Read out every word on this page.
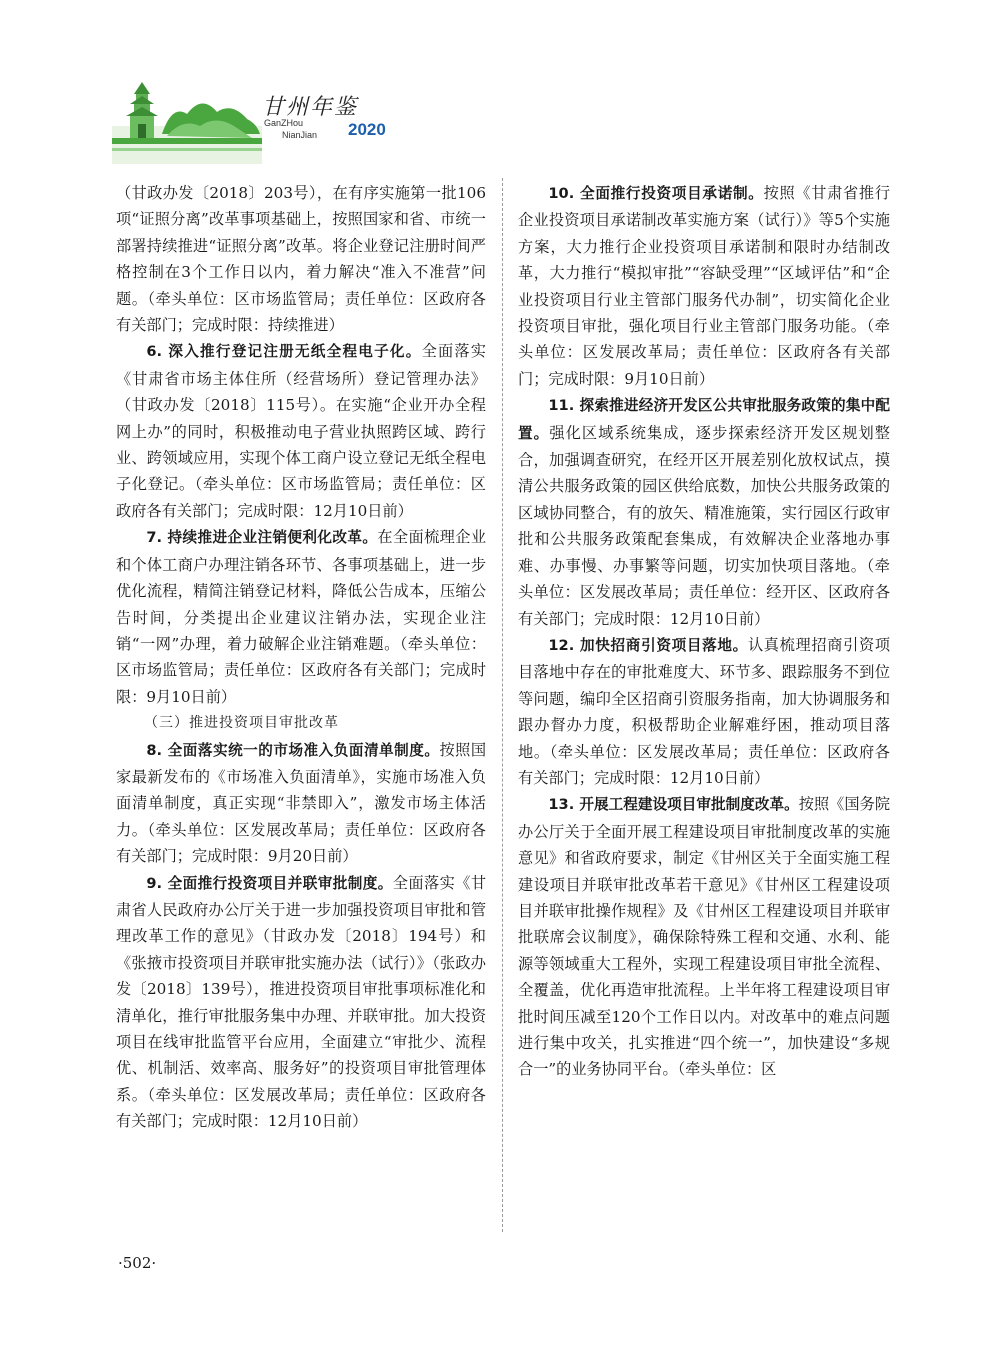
甘州年鉴
GanZHou
NianJian 2020

（甘政办发〔2018〕203号），在有序实施第一批106项“证照分离”改革事项基础上，按照国家和省、市统一部署持续推进“证照分离”改革。将企业登记注册时间严格控制在3个工作日以内，着力解决“准入不准营”问题。（牵头单位：区市场监管局；责任单位：区政府各有关部门；完成时限：持续推进）

6. 深入推行登记注册无纸全程电子化。全面落实《甘肃省市场主体住所（经营场所）登记管理办法》（甘政办发〔2018〕115号）。在实施“企业开办全程网上办”的同时，积极推动电子营业执照跨区域、跨行业、跨领域应用，实现个体工商户设立登记无纸全程电子化登记。（牵头单位：区市场监管局；责任单位：区政府各有关部门；完成时限：12月10日前）

7. 持续推进企业注销便利化改革。在全面梳理企业和个体工商户办理注销各环节、各事项基础上，进一步优化流程，精简注销登记材料，降低公告成本，压缩公告时间，分类提出企业建议注销办法，实现企业注销“一网”办理，着力破解企业注销难题。（牵头单位：区市场监管局；责任单位：区政府各有关部门；完成时限：9月10日前）

（三）推进投资项目审批改革

8. 全面落实统一的市场准入负面清单制度。按照国家最新发布的《市场准入负面清单》，实施市场准入负面清单制度，真正实现“非禁即入”，激发市场主体活力。（牵头单位：区发展改革局；责任单位：区政府各有关部门；完成时限：9月20日前）

9. 全面推行投资项目并联审批制度。全面落实《甘肃省人民政府办公厅关于进一步加强投资项目审批和管理改革工作的意见》（甘政办发〔2018〕194号）和《张掖市投资项目并联审批实施办法（试行）》（张政办发〔2018〕139号），推进投资项目审批事项标准化和清单化，推行审批服务集中办理、并联审批。加大投资项目在线审批监管平台应用，全面建立“审批少、流程优、机制活、效率高、服务好”的投资项目审批管理体系。（牵头单位：区发展改革局；责任单位：区政府各有关部门；完成时限：12月10日前）

10. 全面推行投资项目承诺制。按照《甘肃省推行企业投资项目承诺制改革实施方案（试行）》等5个实施方案，大力推行企业投资项目承诺制和限时办结制改革，大力推行“模拟审批”“容缺受理”“区域评估”和“企业投资项目行业主管部门服务代办制”，切实简化企业投资项目审批，强化项目行业主管部门服务功能。（牵头单位：区发展改革局；责任单位：区政府各有关部门；完成时限：9月10日前）

11. 探索推进经济开发区公共审批服务政策的集中配置。强化区域系统集成，逐步探索经济开发区规划整合，加强调查研究，在经开区开展差别化放权试点，摸清公共服务政策的园区供给底数，加快公共服务政策的区域协同整合，有的放矢、精准施策，实行园区行政审批和公共服务政策配套集成，有效解决企业落地办事难、办事慢、办事繁等问题，切实加快项目落地。（牵头单位：区发展改革局；责任单位：经开区、区政府各有关部门；完成时限：12月10日前）

12. 加快招商引资项目落地。认真梳理招商引资项目落地中存在的审批难度大、环节多、跟踪服务不到位等问题，编印全区招商引资服务指南，加大协调服务和跟办督办力度，积极帮助企业解难纾困，推动项目落地。（牵头单位：区发展改革局；责任单位：区政府各有关部门；完成时限：12月10日前）

13. 开展工程建设项目审批制度改革。按照《国务院办公厅关于全面开展工程建设项目审批制度改革的实施意见》和省政府要求，制定《甘州区关于全面实施工程建设项目并联审批改革若干意见》《甘州区工程建设项目并联审批操作规程》及《甘州区工程建设项目并联审批联席会议制度》，确保除特殊工程和交通、水利、能源等领域重大工程外，实现工程建设项目审批全流程、全覆盖，优化再造审批流程。上半年将工程建设项目审批时间压减至120个工作日以内。对改革中的难点问题进行集中攻关，扎实推进“四个统一”，加快建设“多规合一”的业务协同平台。（牵头单位：区

·502·
